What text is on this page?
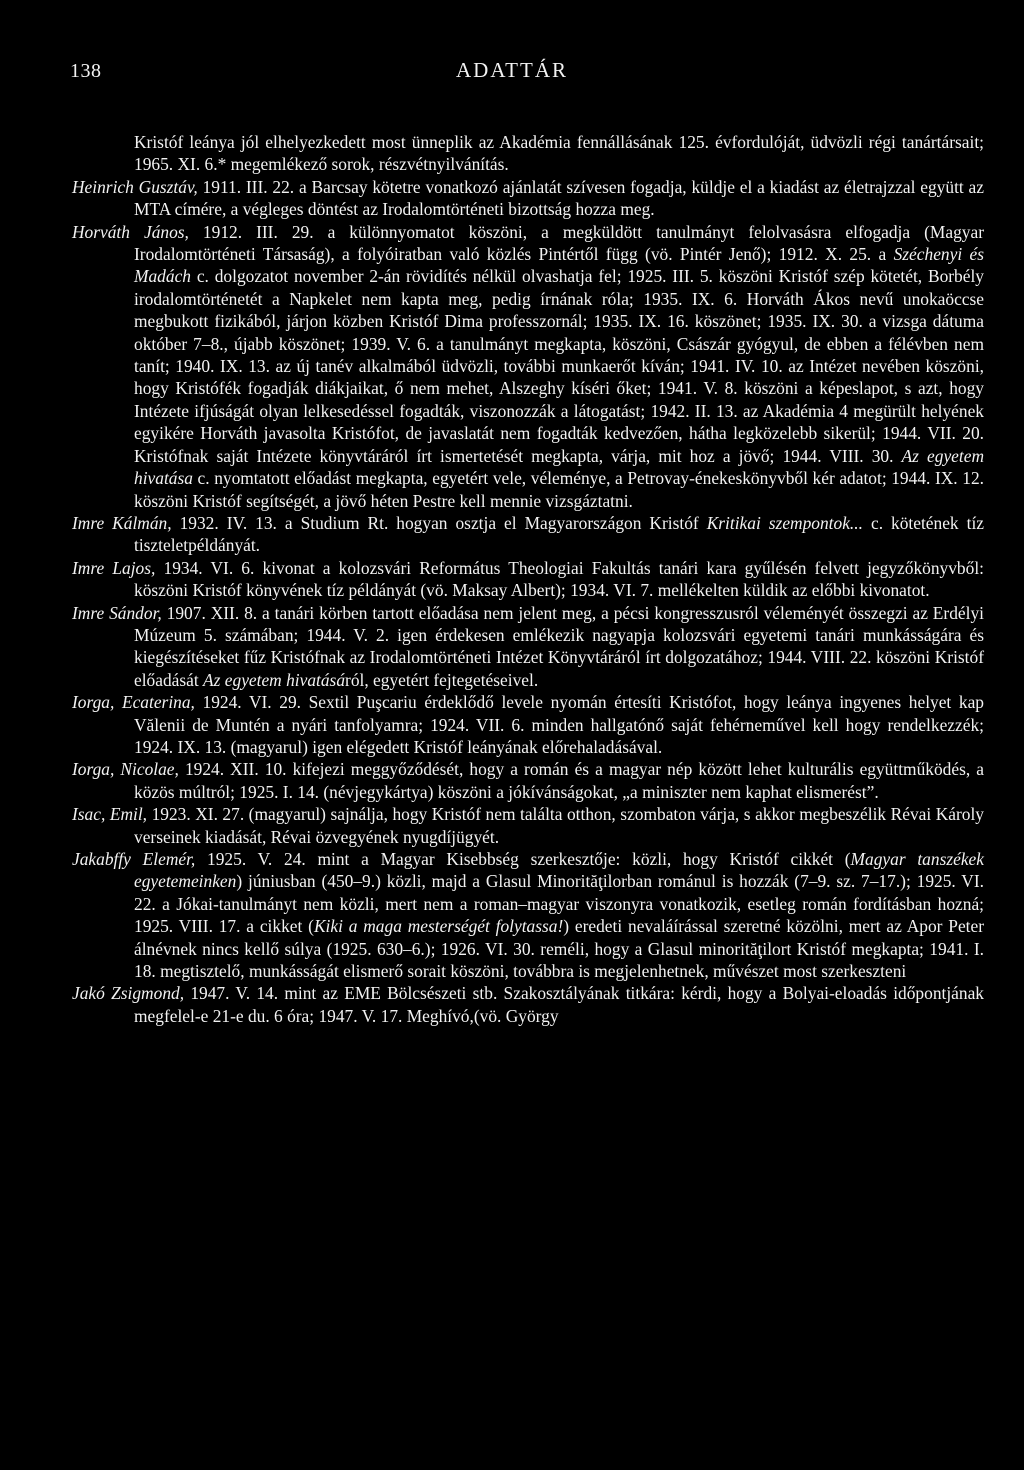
138	ADATTÁR

Kristóf leánya jól elhelyezkedett most ünneplik az Akadémia fennállásának 125. évfordulóját, üdvözli régi tanártársait; 1965. XI. 6.* megemlékező sorok, részvétnyilvánítás.

Heinrich Gusztáv, 1911. III. 22. a Barcsay kötetre vonatkozó ajánlatát szívesen fogadja, küldje el a kiadást az életrajzzal együtt az MTA címére, a végleges döntést az Irodalomtörténeti bizottság hozza meg.

Horváth János, 1912. III. 29. a különnyomatot köszöni, a megküldött tanulmányt felolvasásra elfogadja (Magyar Irodalomtörténeti Társaság), a folyóiratban való közlés Pintértől függ (vö. Pintér Jenő); 1912. X. 25. a Széchenyi és Madách c. dolgozatot november 2-án rövidítés nélkül olvashatja fel; 1925. III. 5. köszöni Kristóf szép kötetét, Borbély irodalomtörténetét a Napkelet nem kapta meg, pedig írnának róla; 1935. IX. 6. Horváth Ákos nevű unokaöccse megbukott fizikából, járjon közben Kristóf Dima professzornál; 1935. IX. 16. köszönet; 1935. IX. 30. a vizsga dátuma október 7–8., újabb köszönet; 1939. V. 6. a tanulmányt megkapta, köszöni, Császár gyógyul, de ebben a félévben nem tanít; 1940. IX. 13. az új tanév alkalmából üdvözli, további munkaerőt kíván; 1941. IV. 10. az Intézet nevében köszöni, hogy Kristófék fogadják diákjaikat, ő nem mehet, Alszeghy kíséri őket; 1941. V. 8. köszöni a képeslapot, s azt, hogy Intézete ifjúságát olyan lelkesedéssel fogadták, viszonozzák a látogatást; 1942. II. 13. az Akadémia 4 megürült helyének egyikére Horváth javasolta Kristófot, de javaslatát nem fogadták kedvezően, hátha legközelebb sikerül; 1944. VII. 20. Kristófnak saját Intézete könyvtáráról írt ismertetését megkapta, várja, mit hoz a jövő; 1944. VIII. 30. Az egyetem hivatása c. nyomtatott előadást megkapta, egyetért vele, véleménye, a Petrovay-énekeskönyvből kér adatot; 1944. IX. 12. köszöni Kristóf segítségét, a jövő héten Pestre kell mennie vizsgáztatni.

Imre Kálmán, 1932. IV. 13. a Studium Rt. hogyan osztja el Magyarországon Kristóf Kritikai szempontok... c. kötetének tíz tiszteletpéldányát.

Imre Lajos, 1934. VI. 6. kivonat a kolozsvári Református Theologiai Fakultás tanári kara gyűlésén felvett jegyzőkönyvből: köszöni Kristóf könyvének tíz példányát (vö. Maksay Albert); 1934. VI. 7. mellékelten küldik az előbbi kivonatot.

Imre Sándor, 1907. XII. 8. a tanári körben tartott előadása nem jelent meg, a pécsi kongresszusról véleményét összegzi az Erdélyi Múzeum 5. számában; 1944. V. 2. igen érdekesen emlékezik nagyapja kolozsvári egyetemi tanári munkásságára és kiegészítéseket fűz Kristófnak az Irodalomtörténeti Intézet Könyvtáráról írt dolgozatához; 1944. VIII. 22. köszöni Kristóf előadását Az egyetem hivatásáról, egyetért fejtegetéseivel.

Iorga, Ecaterina, 1924. VI. 29. Sextil Puşcariu érdeklődő levele nyomán értesíti Kristófot, hogy leánya ingyenes helyet kap Vălenii de Muntén a nyári tanfolyamra; 1924. VII. 6. minden hallgatónő saját fehérneművel kell hogy rendelkezzék; 1924. IX. 13. (magyarul) igen elégedett Kristóf leányának előrehaladásával.

Iorga, Nicolae, 1924. XII. 10. kifejezi meggyőződését, hogy a román és a magyar nép között lehet kulturális együttműködés, a közös múltról; 1925. I. 14. (névjegykártya) köszöni a jókívánságokat, „a miniszter nem kaphat elismerést”.

Isac, Emil, 1923. XI. 27. (magyarul) sajnálja, hogy Kristóf nem találta otthon, szombaton várja, s akkor megbeszélik Révai Károly verseinek kiadását, Révai özvegyének nyugdíjügyét.

Jakabffy Elemér, 1925. V. 24. mint a Magyar Kisebbség szerkesztője: közli, hogy Kristóf cikkét (Magyar tanszékek egyetemeinken) júniusban (450–9.) közli, majd a Glasul Minorităţilorban románul is hozzák (7–9. sz. 7–17.); 1925. VI. 22. a Jókai-tanulmányt nem közli, mert nem a roman–magyar viszonyra vonatkozik, esetleg román fordításban hozná; 1925. VIII. 17. a cikket (Kiki a maga mesterségét folytassa!) eredeti nevaláírással szeretné közölni, mert az Apor Peter álnévnek nincs kellő súlya (1925. 630–6.); 1926. VI. 30. reméli, hogy a Glasul minorităţilort Kristóf megkapta; 1941. I. 18. megtisztelő, munkásságát elismerő sorait köszöni, továbbra is megjelenhetnek, művészet most szerkeszteni

Jakó Zsigmond, 1947. V. 14. mint az EME Bölcsészeti stb. Szakosztályának titkára: kérdi, hogy a Bolyai-eloadás időpontjának megfelel-e 21-e du. 6 óra; 1947. V. 17. Meghívó,(vö. György
